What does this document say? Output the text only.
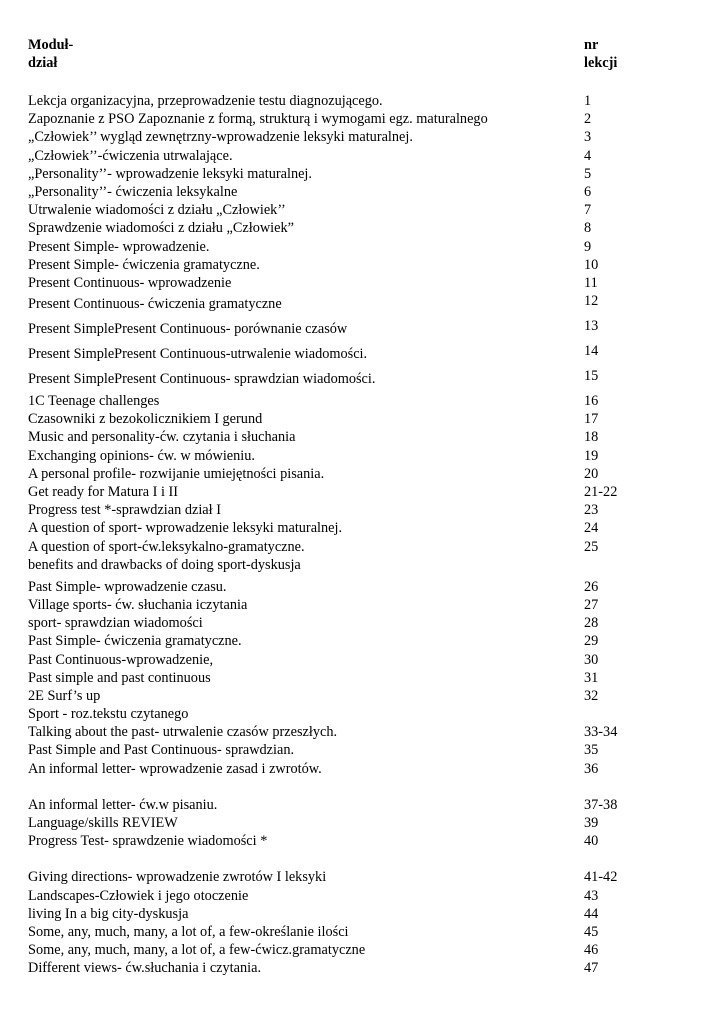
Moduł-
dział
nr
lekcji
Lekcja organizacyjna, przeprowadzenie testu diagnozującego.	1
Zapoznanie z PSO Zapoznanie z formą, strukturą i wymogami egz. maturalnego	2
„Człowiek’’ wygląd zewnętrzny-wprowadzenie leksyki maturalnej.	3
„Człowiek’’-ćwiczenia utrwalające.	4
„Personality’’- wprowadzenie leksyki maturalnej.	5
„Personality’’- ćwiczenia leksykalne	6
Utrwalenie wiadomości z działu „Człowiek’’	7
Sprawdzenie wiadomości z działu „Człowiek”	8
Present Simple- wprowadzenie.	9
Present Simple- ćwiczenia gramatyczne.	10
Present Continuous- wprowadzenie	11
Present Continuous- ćwiczenia gramatyczne	12
Present SimplePresent Continuous- porównanie czasów	13
Present SimplePresent Continuous-utrwalenie wiadomości.	14
Present SimplePresent Continuous- sprawdzian wiadomości.	15
1C Teenage challenges	16
Czasowniki z bezokolicznikiem I gerund	17
Music and personality-ćw. czytania i słuchania	18
Exchanging opinions- ćw. w mówieniu.	19
A personal profile- rozwijanie umiejętności pisania.	20
Get ready for Matura I i II	21-22
Progress test *-sprawdzian dział I	23
A question of sport- wprowadzenie leksyki maturalnej.	24
A question of sport-ćw.leksykalno-gramatyczne.	25
benefits and drawbacks of doing sport-dyskusja
Past Simple- wprowadzenie czasu.	26
Village sports- ćw. słuchania iczytania	27
sport- sprawdzian wiadomości	28
Past Simple- ćwiczenia gramatyczne.	29
Past Continuous-wprowadzenie,	30
Past simple and past continuous	31
2E Surf’s up	32
Sport - roz.tekstu czytanego
Talking about the past- utrwalenie czasów przeszłych.	33-34
Past Simple and Past Continuous- sprawdzian.	35
An informal letter- wprowadzenie zasad i zwrotów.	36
An informal letter- ćw.w pisaniu.	37-38
Language/skills REVIEW	39
Progress Test- sprawdzenie wiadomości *	40
Giving directions- wprowadzenie zwrotów I leksyki	41-42
Landscapes-Człowiek i jego otoczenie	43
living In a big city-dyskusja	44
Some, any, much, many, a lot of, a few-określanie ilości	45
Some, any, much, many, a lot of, a few-ćwicz.gramatyczne	46
Different views- ćw.słuchania i czytania.	47
